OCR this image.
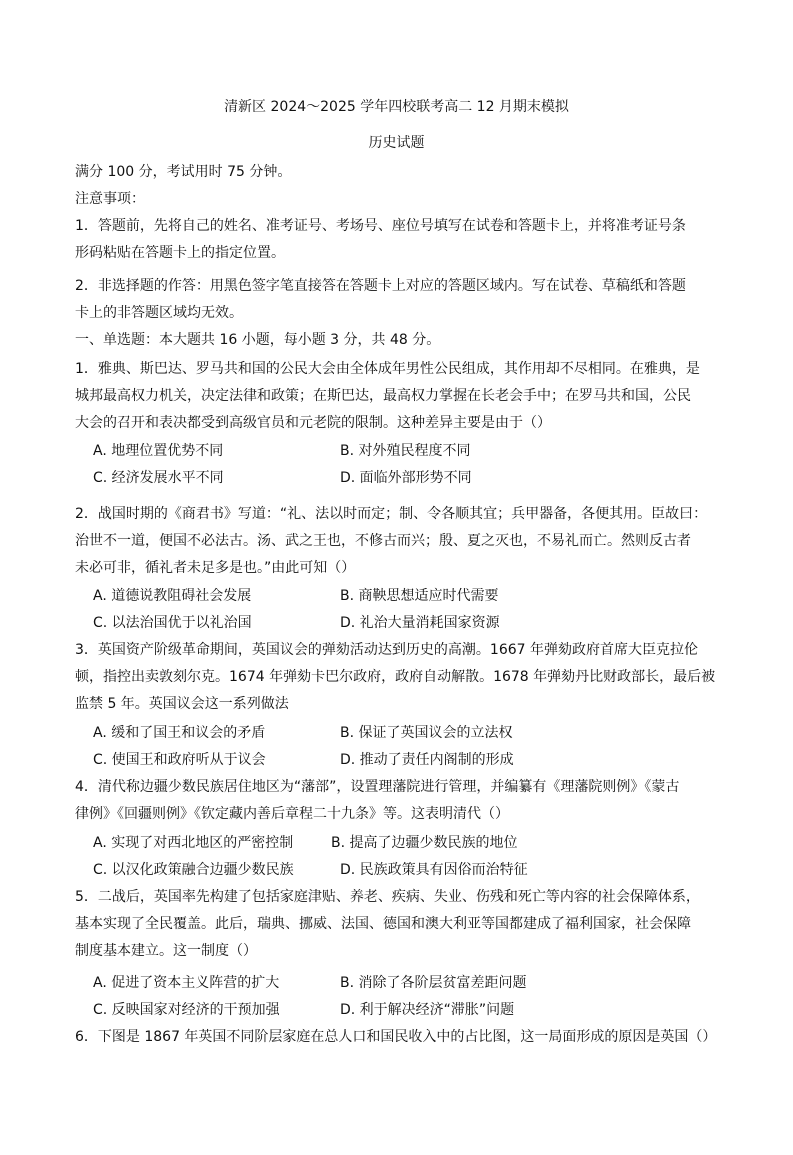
清新区 2024～2025 学年四校联考高二 12 月期末模拟
历史试题
满分 100 分，考试用时 75 分钟。
注意事项：
1．答题前，先将自己的姓名、准考证号、考场号、座位号填写在试卷和答题卡上，并将准考证号条
形码粘贴在答题卡上的指定位置。
2．非选择题的作答：用黑色签字笔直接答在答题卡上对应的答题区域内。写在试卷、草稿纸和答题
卡上的非答题区域均无效。
一、单选题：本大题共 16 小题，每小题 3 分，共 48 分。
1．雅典、斯巴达、罗马共和国的公民大会由全体成年男性公民组成，其作用却不尽相同。在雅典，是
城邦最高权力机关，决定法律和政策；在斯巴达，最高权力掌握在长老会手中；在罗马共和国，公民
大会的召开和表决都受到高级官员和元老院的限制。这种差异主要是由于（）
A. 地理位置优势不同	B. 对外殖民程度不同
C. 经济发展水平不同	D. 面临外部形势不同
2．战国时期的《商君书》写道：“礼、法以时而定；制、令各顺其宜；兵甲器备，各便其用。臣故曰：
治世不一道，便国不必法古。汤、武之王也，不修古而兴；殷、夏之灭也，不易礼而亡。然则反古者
未必可非，循礼者未足多是也。”由此可知（）
A. 道德说教阻碍社会发展	B. 商鞅思想适应时代需要
C. 以法治国优于以礼治国	D. 礼治大量消耗国家资源
3．英国资产阶级革命期间，英国议会的弹劾活动达到历史的高潮。1667 年弹劾政府首席大臣克拉伦
顿，指控出卖敦刻尔克。1674 年弹劾卡巴尔政府，政府自动解散。1678 年弹劾丹比财政部长，最后被
监禁 5 年。英国议会这一系列做法
A. 缓和了国王和议会的矛盾	B. 保证了英国议会的立法权
C. 使国王和政府听从于议会	D. 推动了责任内阁制的形成
4．清代称边疆少数民族居住地区为“藩部”，设置理藩院进行管理，并编纂有《理藩院则例》《蒙古
律例》《回疆则例》《钦定藏内善后章程二十九条》等。这表明清代（）
A. 实现了对西北地区的严密控制	B. 提高了边疆少数民族的地位
C. 以汉化政策融合边疆少数民族	D. 民族政策具有因俗而治特征
5．二战后，英国率先构建了包括家庭津贴、养老、疾病、失业、伤残和死亡等内容的社会保障体系，
基本实现了全民覆盖。此后，瑞典、挪威、法国、德国和澳大利亚等国都建成了福利国家，社会保障
制度基本建立。这一制度（）
A. 促进了资本主义阵营的扩大	B. 消除了各阶层贫富差距问题
C. 反映国家对经济的干预加强	D. 利于解决经济“滞胀”问题
6．下图是 1867 年英国不同阶层家庭在总人口和国民收入中的占比图，这一局面形成的原因是英国（）
